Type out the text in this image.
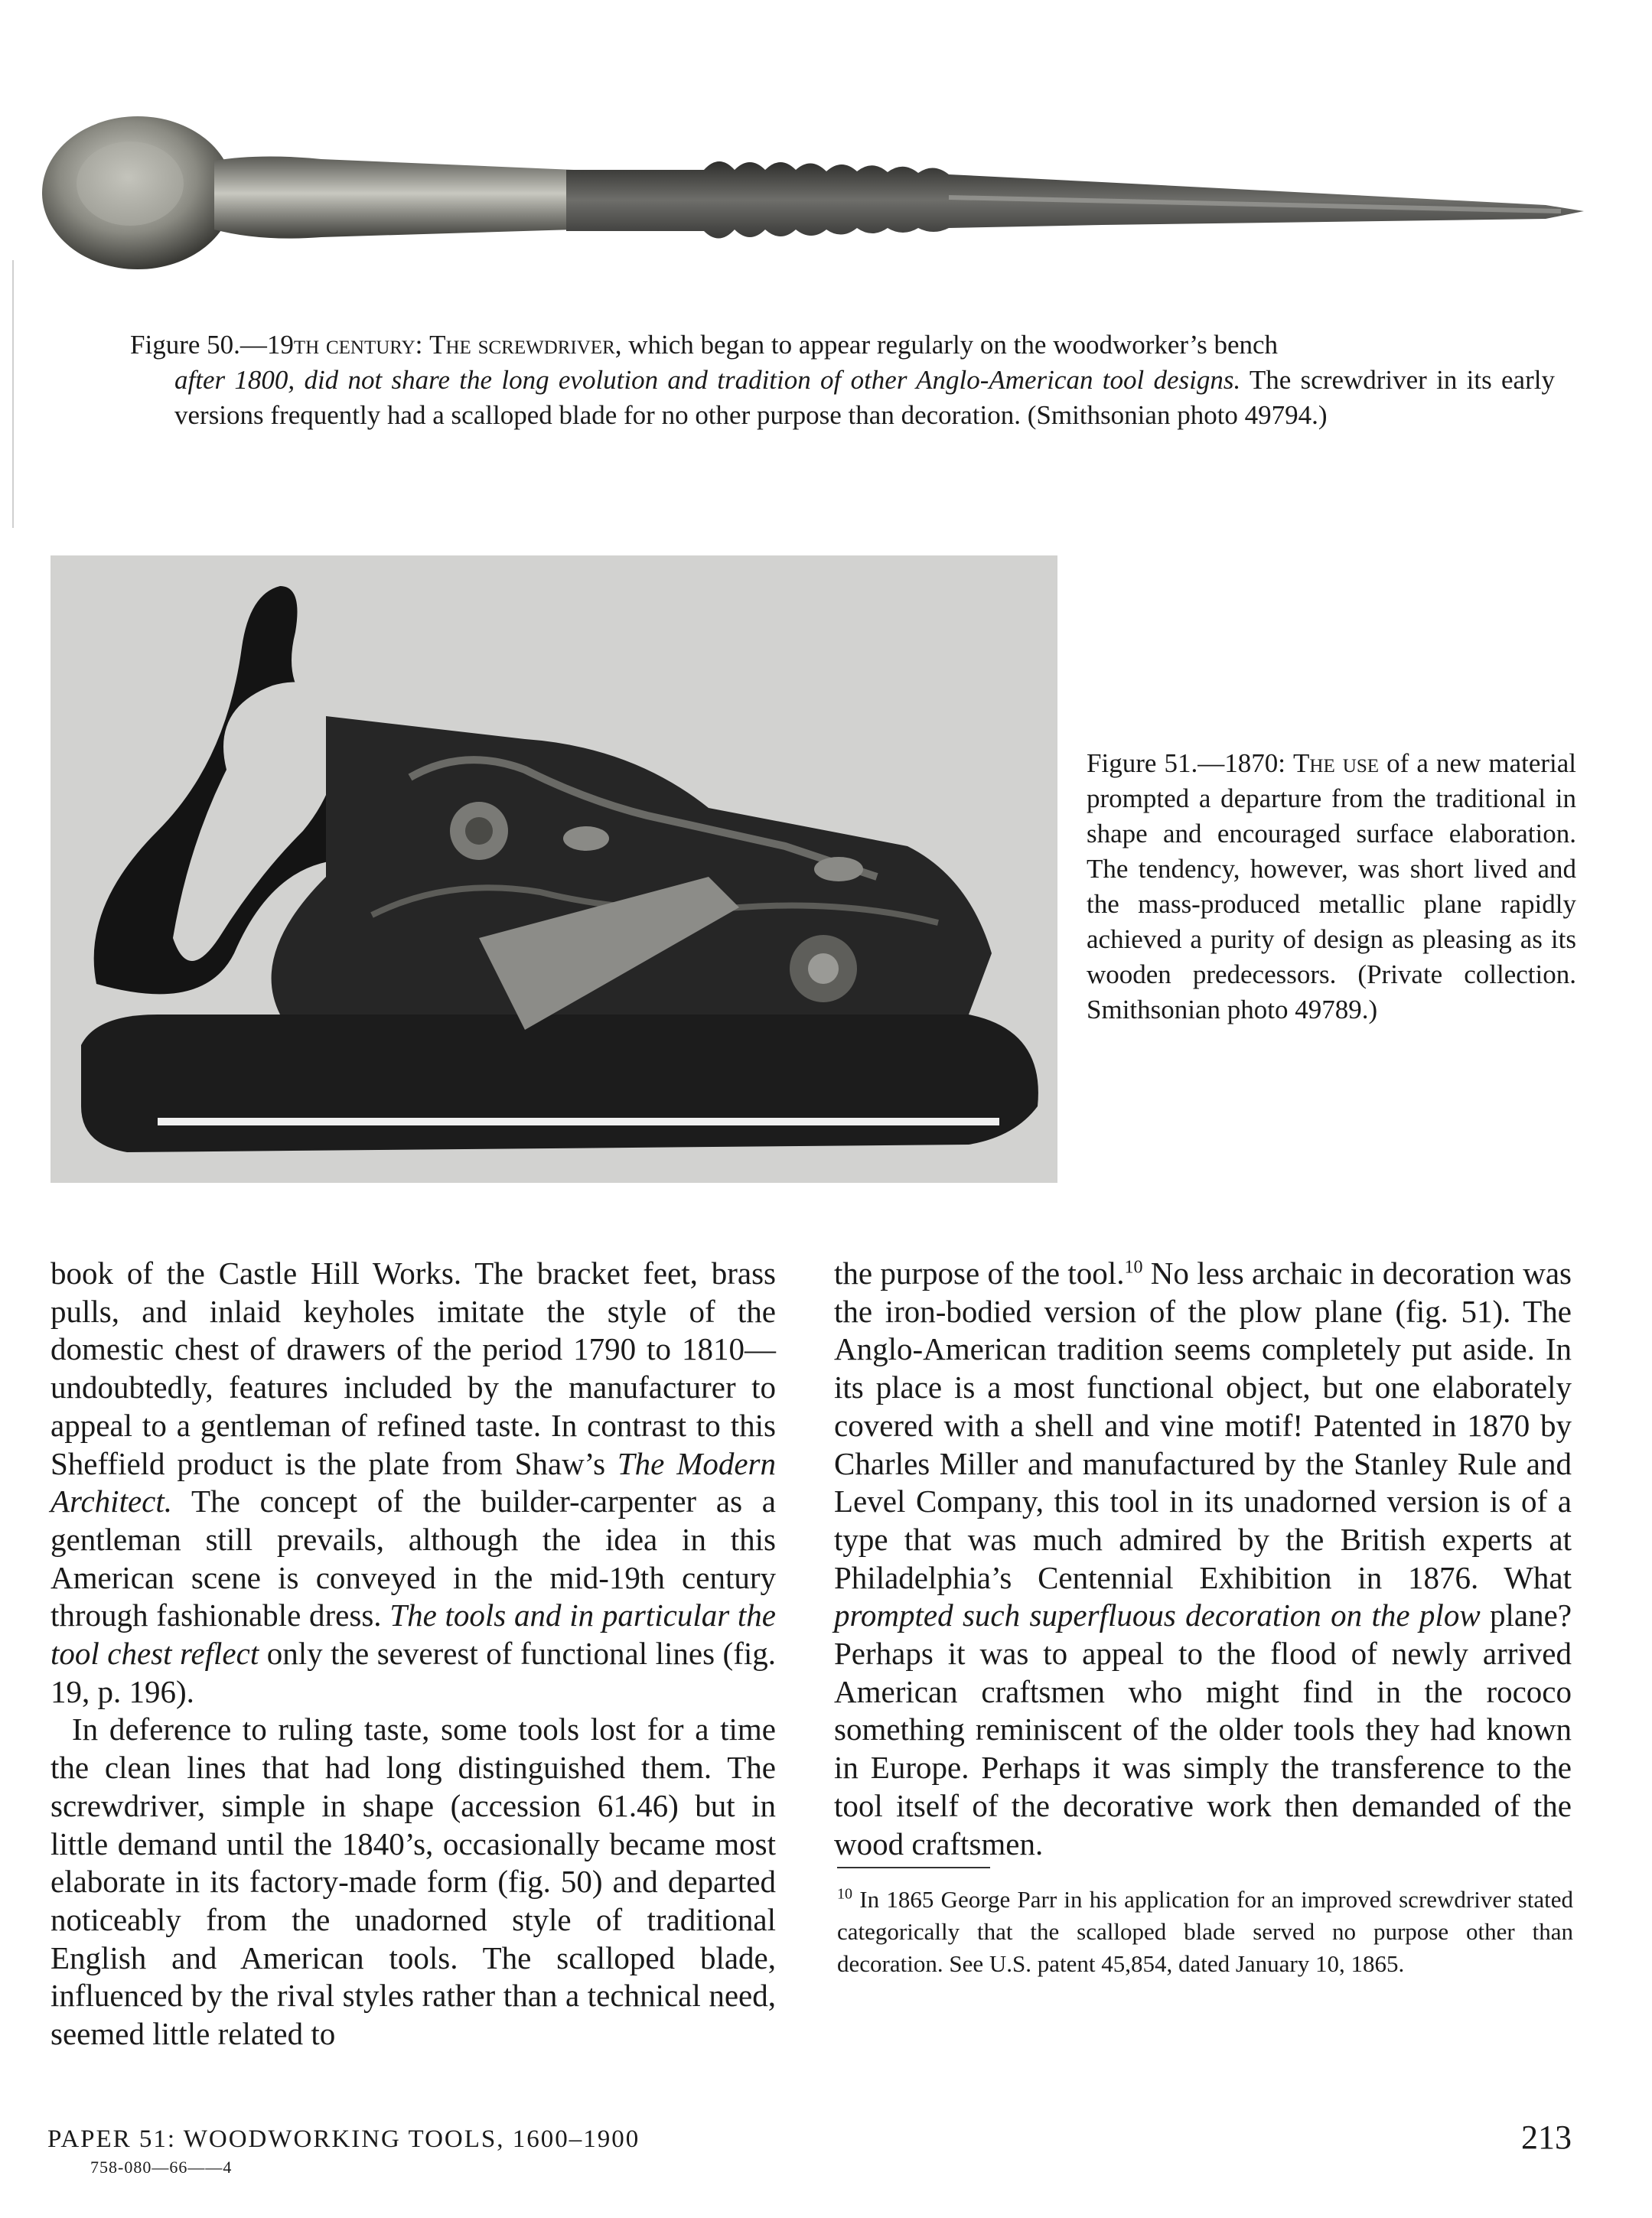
Figure 50.—19th century: The screwdriver, which began to appear regularly on the woodworker’s bench
after 1800, did not share the long evolution and tradition of other Anglo-American tool designs. The screwdriver in its early versions frequently had a scalloped blade for no other purpose than decoration. (Smithsonian photo 49794.)
Figure 51.—1870: The use of a new material prompted a departure from the traditional in shape and encouraged surface elaboration. The tendency, however, was short lived and the mass-produced metallic plane rapidly achieved a purity of design as pleasing as its wooden predecessors. (Private collection. Smithsonian photo 49789.)

book of the Castle Hill Works. The bracket feet, brass pulls, and inlaid keyholes imitate the style of the domestic chest of drawers of the period 1790 to 1810—undoubtedly, features included by the manufacturer to appeal to a gentleman of refined taste. In contrast to this Sheffield product is the plate from Shaw’s The Modern Architect. The concept of the builder-carpenter as a gentleman still prevails, although the idea in this American scene is conveyed in the mid-19th century through fashionable dress. The tools and in particular the tool chest reflect only the severest of functional lines (fig. 19, p. 196).

In deference to ruling taste, some tools lost for a time the clean lines that had long distinguished them. The screwdriver, simple in shape (accession 61.46) but in little demand until the 1840’s, occasionally became most elaborate in its factory-made form (fig. 50) and departed noticeably from the unadorned style of traditional English and American tools. The scalloped blade, influenced by the rival styles rather than a technical need, seemed little related to

the purpose of the tool.$^{10}$ No less archaic in decoration was the iron-bodied version of the plow plane (fig. 51). The Anglo-American tradition seems completely put aside. In its place is a most functional object, but one elaborately covered with a shell and vine motif! Patented in 1870 by Charles Miller and manufactured by the Stanley Rule and Level Company, this tool in its unadorned version is of a type that was much admired by the British experts at Philadelphia’s Centennial Exhibition in 1876. What prompted such superfluous decoration on the plow plane? Perhaps it was to appeal to the flood of newly arrived American craftsmen who might find in the rococo something reminiscent of the older tools they had known in Europe. Perhaps it was simply the transference to the tool itself of the decorative work then demanded of the wood craftsmen.

$^{10}$ In 1865 George Parr in his application for an improved screwdriver stated categorically that the scalloped blade served no purpose other than decoration. See U.S. patent 45,854, dated January 10, 1865.
PAPER 51: WOODWORKING TOOLS, 1600–1900
758-080—66——4
213
